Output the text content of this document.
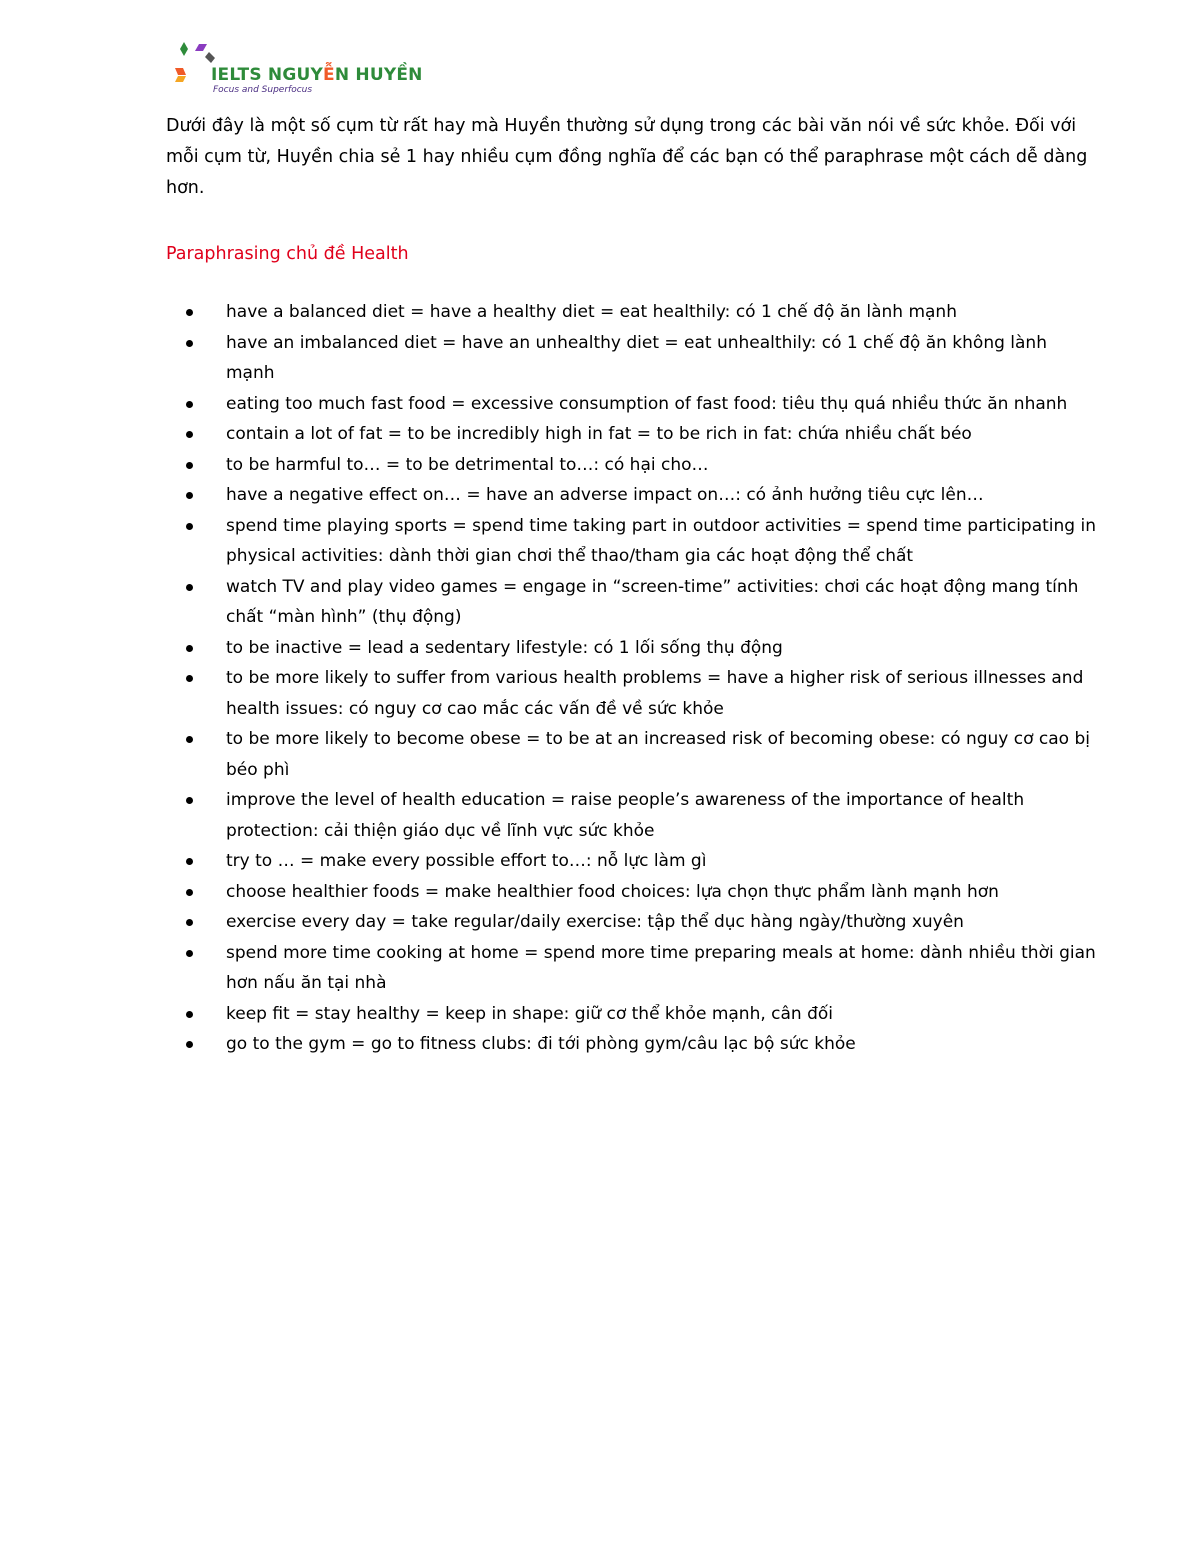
IELTS NGUYỄN HUYỀN
Focus and Superfocus

Dưới đây là một số cụm từ rất hay mà Huyền thường sử dụng trong các bài văn nói về sức khỏe. Đối với mỗi cụm từ, Huyền chia sẻ 1 hay nhiều cụm đồng nghĩa để các bạn có thể paraphrase một cách dễ dàng hơn.

Paraphrasing chủ đề Health

have a balanced diet = have a healthy diet = eat healthily: có 1 chế độ ăn lành mạnh
have an imbalanced diet = have an unhealthy diet = eat unhealthily: có 1 chế độ ăn không lành mạnh
eating too much fast food = excessive consumption of fast food: tiêu thụ quá nhiều thức ăn nhanh
contain a lot of fat = to be incredibly high in fat = to be rich in fat: chứa nhiều chất béo
to be harmful to… = to be detrimental to…: có hại cho…
have a negative effect on… = have an adverse impact on…: có ảnh hưởng tiêu cực lên…
spend time playing sports = spend time taking part in outdoor activities = spend time participating in physical activities: dành thời gian chơi thể thao/tham gia các hoạt động thể chất
watch TV and play video games = engage in “screen-time” activities: chơi các hoạt động mang tính chất “màn hình” (thụ động)
to be inactive = lead a sedentary lifestyle: có 1 lối sống thụ động
to be more likely to suffer from various health problems = have a higher risk of serious illnesses and health issues: có nguy cơ cao mắc các vấn đề về sức khỏe
to be more likely to become obese = to be at an increased risk of becoming obese: có nguy cơ cao bị béo phì
improve the level of health education = raise people’s awareness of the importance of health protection: cải thiện giáo dục về lĩnh vực sức khỏe
try to … = make every possible effort to…: nỗ lực làm gì
choose healthier foods = make healthier food choices: lựa chọn thực phẩm lành mạnh hơn
exercise every day = take regular/daily exercise: tập thể dục hàng ngày/thường xuyên
spend more time cooking at home = spend more time preparing meals at home: dành nhiều thời gian hơn nấu ăn tại nhà
keep fit = stay healthy = keep in shape: giữ cơ thể khỏe mạnh, cân đối
go to the gym = go to fitness clubs: đi tới phòng gym/câu lạc bộ sức khỏe
